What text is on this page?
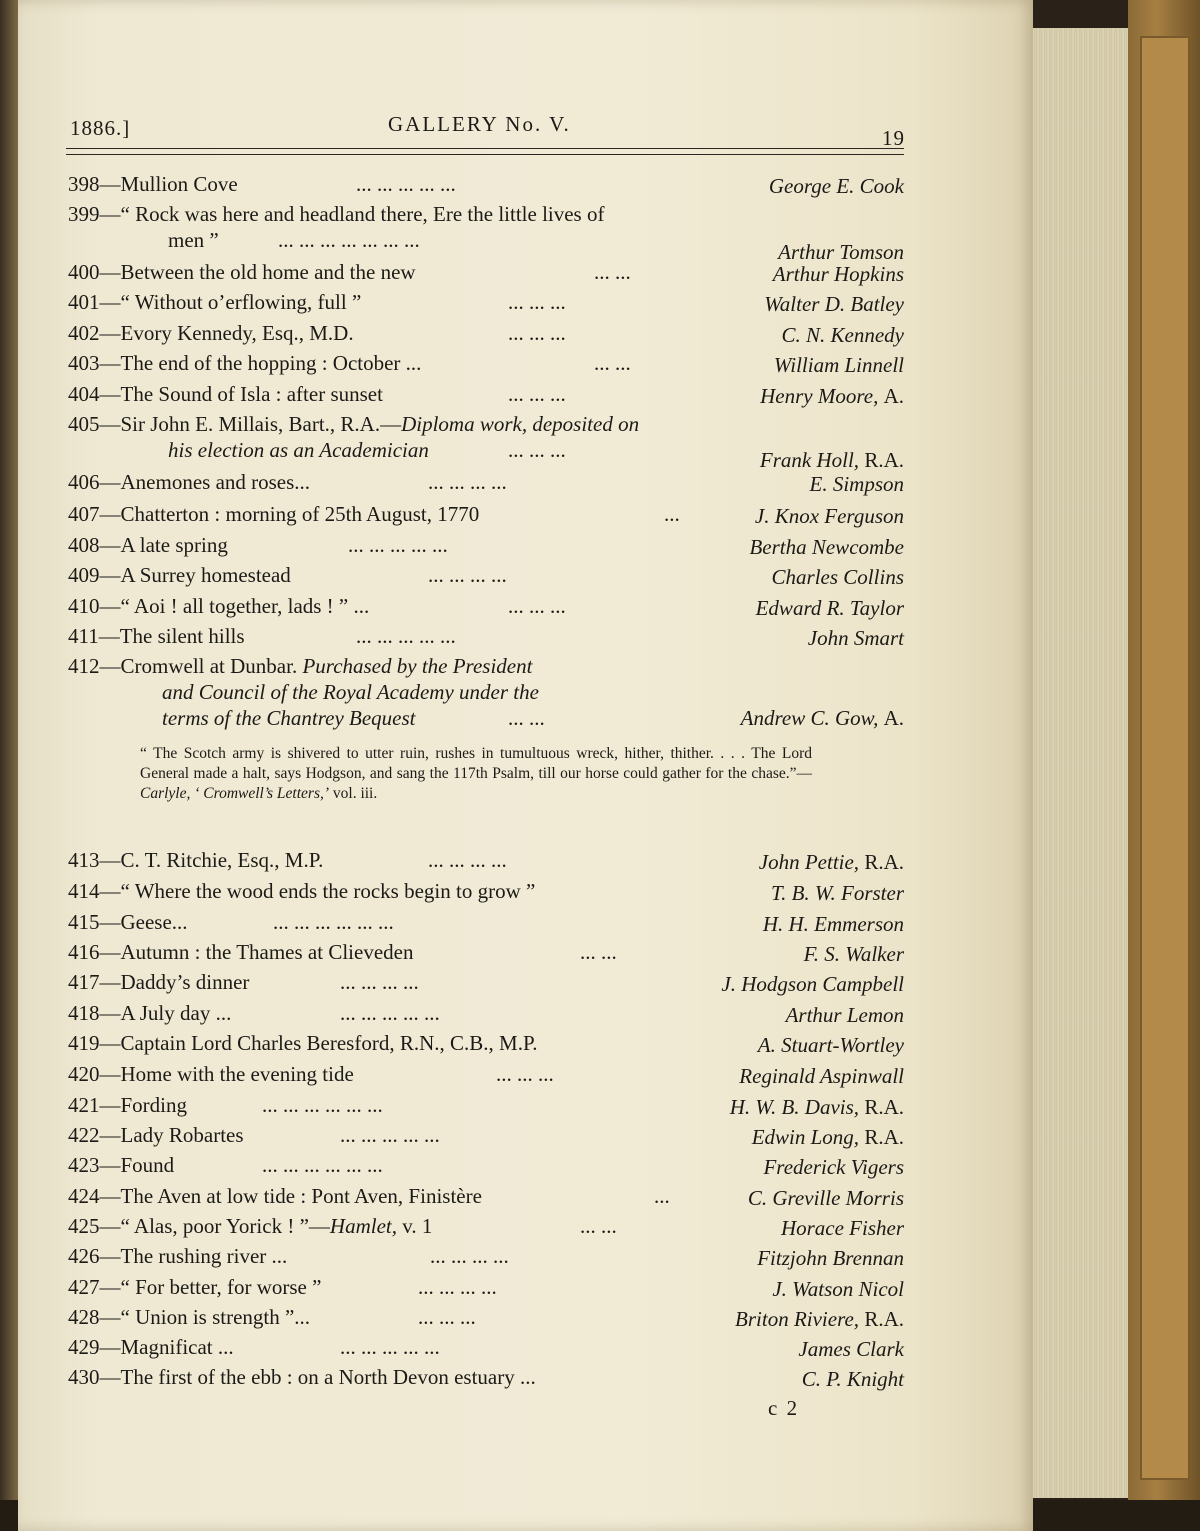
1886.]	GALLERY No. V.
19
398—Mullion Cove	... ... ... ... ...	George E. Cook
399—“ Rock was here and headland there, Ere the little lives of
men ”	... ... ... ... ... ... ...	Arthur Tomson
400—Between the old home and the new	... ...	Arthur Hopkins
401—“ Without o’erflowing, full ”	... ... ...	Walter D. Batley
402—Evory Kennedy, Esq., M.D.	... ... ...	C. N. Kennedy
403—The end of the hopping : October ...	... ...	William Linnell
404—The Sound of Isla : after sunset	... ... ...	Henry Moore, A.
405—Sir John E. Millais, Bart., R.A.—Diploma work, deposited on
his election as an Academician	... ... ...	Frank Holl, R.A.
406—Anemones and roses...	... ... ... ...	E. Simpson
407—Chatterton : morning of 25th August, 1770	...	J. Knox Ferguson
408—A late spring	... ... ... ... ...	Bertha Newcombe
409—A Surrey homestead	... ... ... ...	Charles Collins
410—“ Aoi ! all together, lads ! ” ...	... ... ...	Edward R. Taylor
411—The silent hills	... ... ... ... ...	John Smart
412—Cromwell at Dunbar. Purchased by the President
and Council of the Royal Academy under the
terms of the Chantrey Bequest	... ...	Andrew C. Gow, A.
“ The Scotch army is shivered to utter ruin, rushes in tumultuous wreck, hither, thither. . . . The Lord General made a halt, says Hodgson, and sang the 117th Psalm, till our horse could gather for the chase.”—Carlyle, ‘ Cromwell’s Letters,’ vol. iii.
413—C. T. Ritchie, Esq., M.P.	... ... ... ...	John Pettie, R.A.
414—“ Where the wood ends the rocks begin to grow ”	T. B. W. Forster
415—Geese...	... ... ... ... ... ...	H. H. Emmerson
416—Autumn : the Thames at Clieveden	... ...	F. S. Walker
417—Daddy’s dinner	... ... ... ...	J. Hodgson Campbell
418—A July day ...	... ... ... ... ...	Arthur Lemon
419—Captain Lord Charles Beresford, R.N., C.B., M.P.	A. Stuart-Wortley
420—Home with the evening tide	... ... ...	Reginald Aspinwall
421—Fording	... ... ... ... ... ...	H. W. B. Davis, R.A.
422—Lady Robartes	... ... ... ... ...	Edwin Long, R.A.
423—Found	... ... ... ... ... ...	Frederick Vigers
424—The Aven at low tide : Pont Aven, Finistère	...	C. Greville Morris
425—“ Alas, poor Yorick ! ”—Hamlet, v. 1	... ...	Horace Fisher
426—The rushing river ...	... ... ... ...	Fitzjohn Brennan
427—“ For better, for worse ”	... ... ... ...	J. Watson Nicol
428—“ Union is strength ”...	... ... ...	Briton Riviere, R.A.
429—Magnificat ...	... ... ... ... ...	James Clark
430—The first of the ebb : on a North Devon estuary ...	C. P. Knight
c 2
